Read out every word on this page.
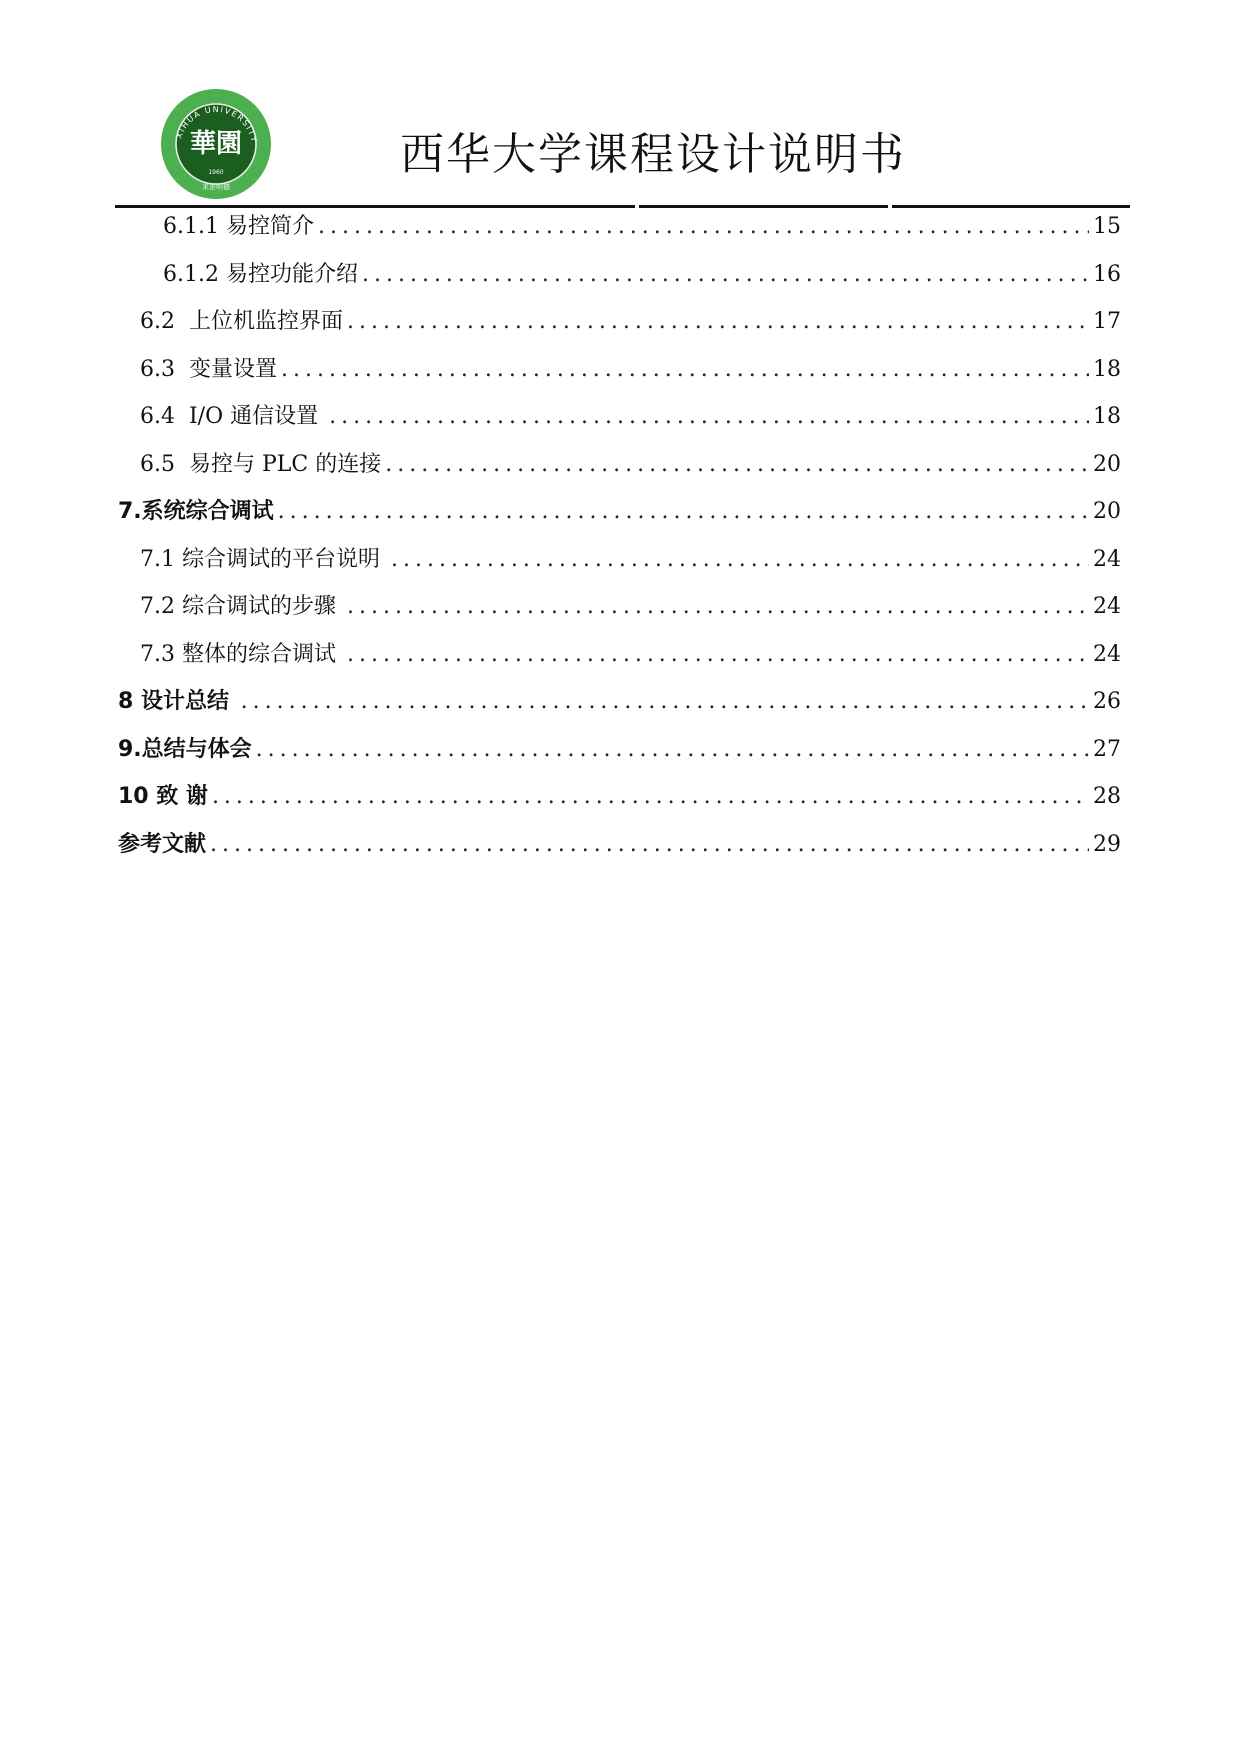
XIHUA UNIVERSITY
華園
1960
求是明德
西华大学课程设计说明书
6.1.1 易控简介 .....	15
6.1.2 易控功能介绍 .....	16
6.2  上位机监控界面 .....	17
6.3  变量设置 .....	18
6.4  I/O 通信设置 .....	18
6.5  易控与 PLC 的连接 .....	20
7.系统综合调试 .....	20
7.1 综合调试的平台说明 .....	24
7.2 综合调试的步骤 .....	24
7.3 整体的综合调试 .....	24
8 设计总结 .....	26
9.总结与体会 .....	27
10 致 谢 .....	28
参考文献 .....	29
